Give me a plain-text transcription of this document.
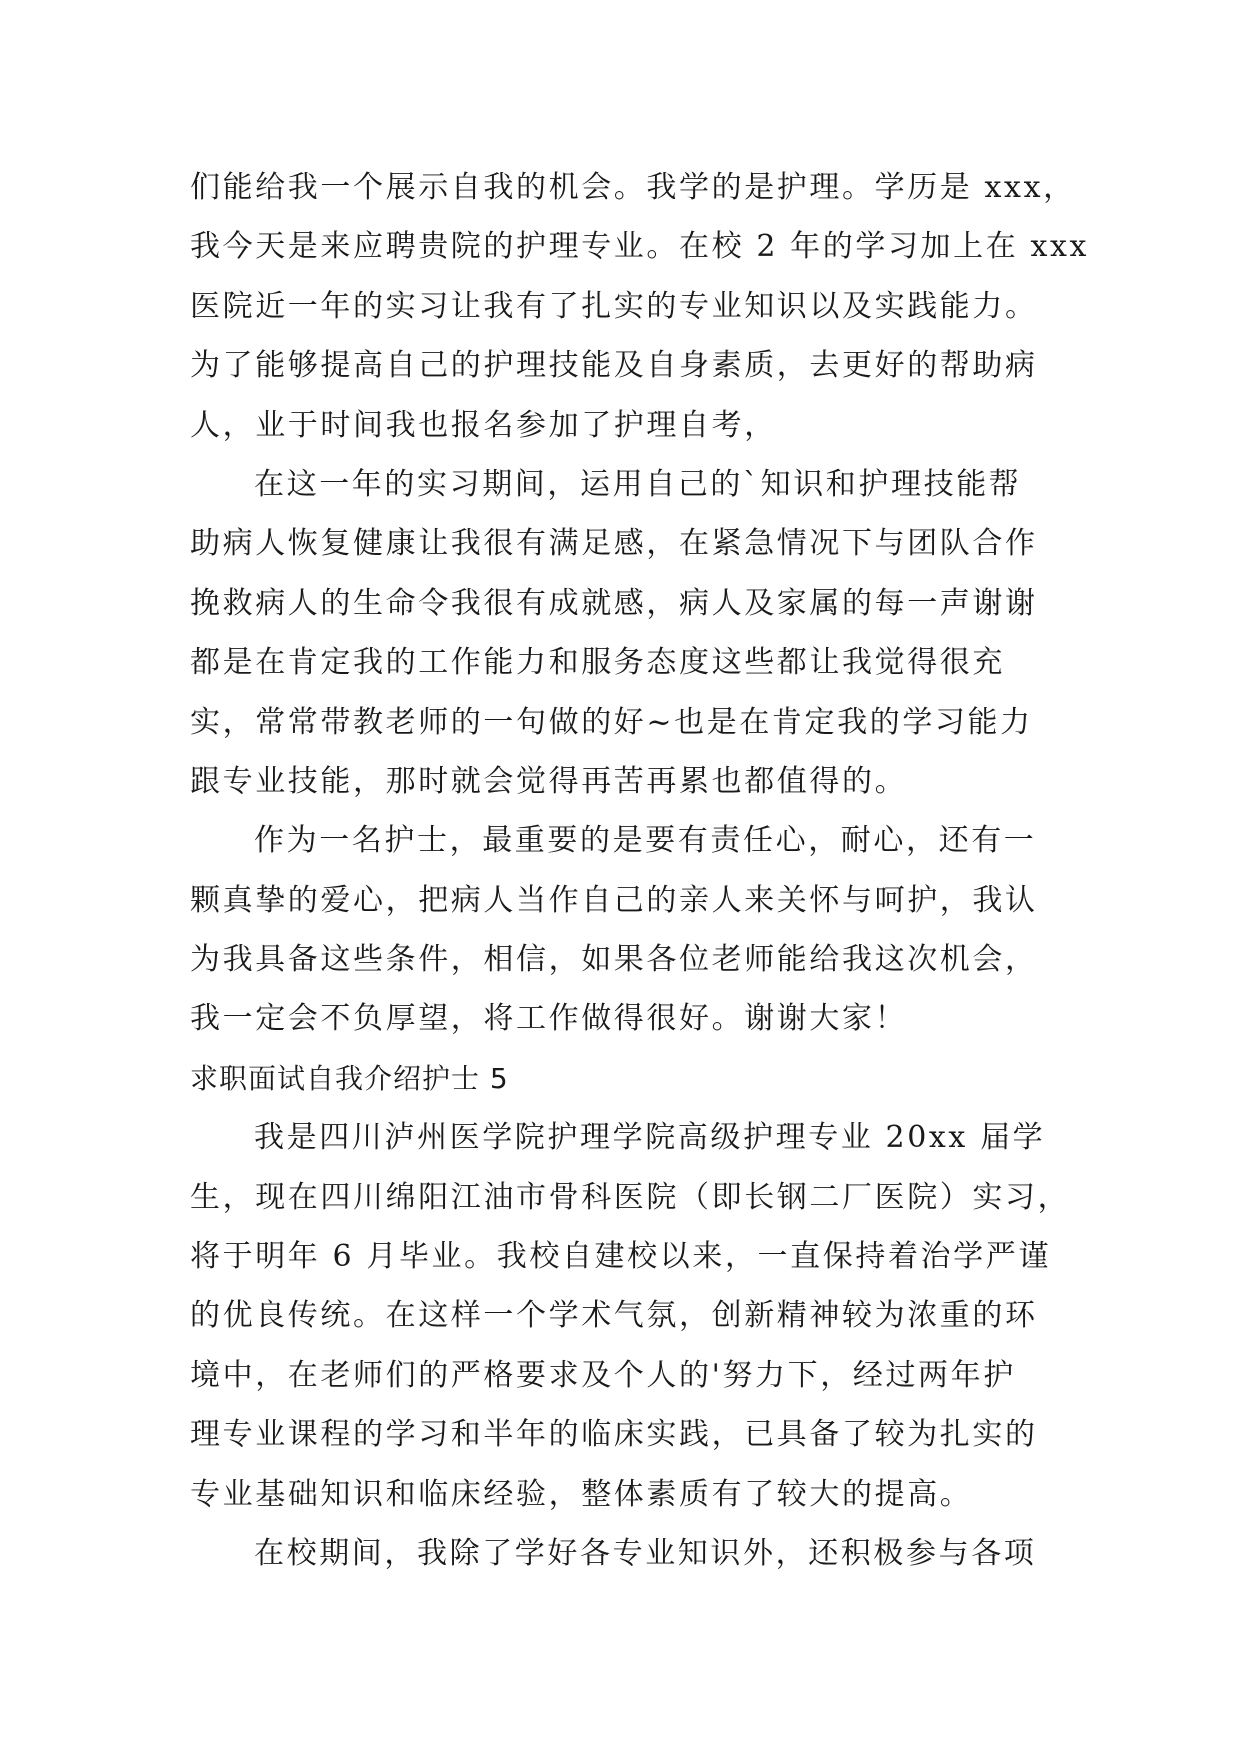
们能给我一个展示自我的机会。我学的是护理。学历是 xxx，
我今天是来应聘贵院的护理专业。在校 2 年的学习加上在 xxx
医院近一年的实习让我有了扎实的专业知识以及实践能力。
为了能够提高自己的护理技能及自身素质，去更好的帮助病
人，业于时间我也报名参加了护理自考，
在这一年的实习期间，运用自己的`知识和护理技能帮
助病人恢复健康让我很有满足感，在紧急情况下与团队合作
挽救病人的生命令我很有成就感，病人及家属的每一声谢谢
都是在肯定我的工作能力和服务态度这些都让我觉得很充
实，常常带教老师的一句做的好~也是在肯定我的学习能力
跟专业技能，那时就会觉得再苦再累也都值得的。
作为一名护士，最重要的是要有责任心，耐心，还有一
颗真挚的爱心，把病人当作自己的亲人来关怀与呵护，我认
为我具备这些条件，相信，如果各位老师能给我这次机会，
我一定会不负厚望，将工作做得很好。谢谢大家！
求职面试自我介绍护士 5
我是四川泸州医学院护理学院高级护理专业 20xx 届学
生，现在四川绵阳江油市骨科医院（即长钢二厂医院）实习，
将于明年 6 月毕业。我校自建校以来，一直保持着治学严谨
的优良传统。在这样一个学术气氛，创新精神较为浓重的环
境中，在老师们的严格要求及个人的'努力下，经过两年护
理专业课程的学习和半年的临床实践，已具备了较为扎实的
专业基础知识和临床经验，整体素质有了较大的提高。
在校期间，我除了学好各专业知识外，还积极参与各项
